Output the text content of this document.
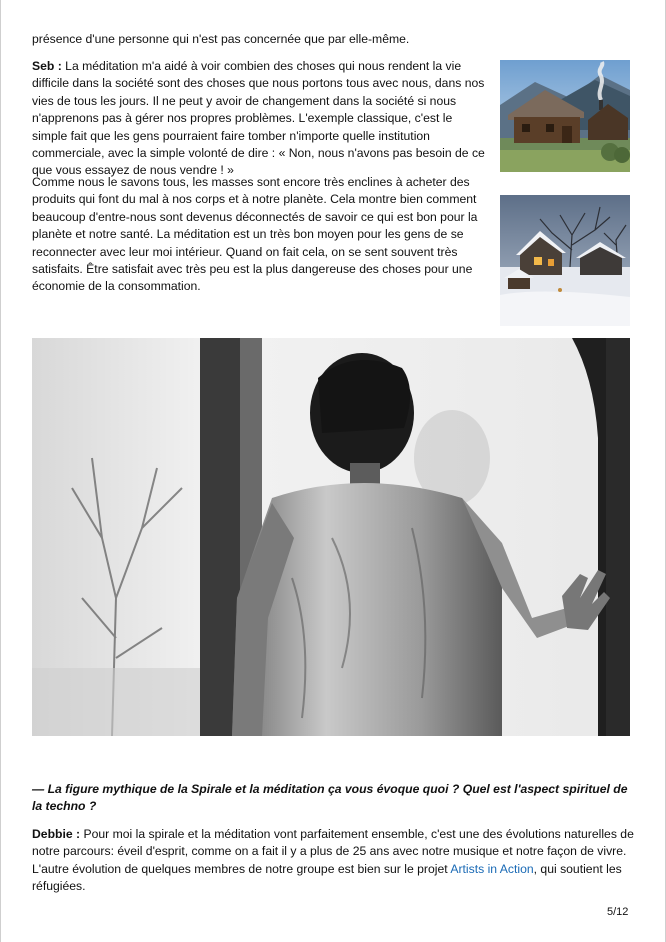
présence d'une personne qui n'est pas concernée que par elle-même.

Seb : La méditation m'a aidé à voir combien des choses qui nous rendent la vie difficile dans la société sont des choses que nous portons tous avec nous, dans nos vies de tous les jours. Il ne peut y avoir de changement dans la société si nous n'apprenons pas à gérer nos propres problèmes. L'exemple classique, c'est le simple fait que les gens pourraient faire tomber n'importe quelle institution commerciale, avec la simple volonté de dire : « Non, nous n'avons pas besoin de ce que vous essayez de nous vendre ! »

Comme nous le savons tous, les masses sont encore très enclines à acheter des produits qui font du mal à nos corps et à notre planète. Cela montre bien comment beaucoup d'entre-nous sont devenus déconnectés de savoir ce qui est bon pour la planète et notre santé. La méditation est un très bon moyen pour les gens de se reconnecter avec leur moi intérieur. Quand on fait cela, on se sent souvent très satisfaits. Être satisfait avec très peu est la plus dangereuse des choses pour une économie de la consommation.

— La figure mythique de la Spirale et la méditation ça vous évoque quoi ? Quel est l'aspect spirituel de la techno ?

Debbie : Pour moi la spirale et la méditation vont parfaitement ensemble, c'est une des évolutions naturelles de notre parcours: éveil d'esprit, comme on a fait il y a plus de 25 ans avec notre musique et notre façon de vivre. L'autre évolution de quelques membres de notre groupe est bien sur le projet Artists in Action, qui soutient les réfugiées.

5/12
